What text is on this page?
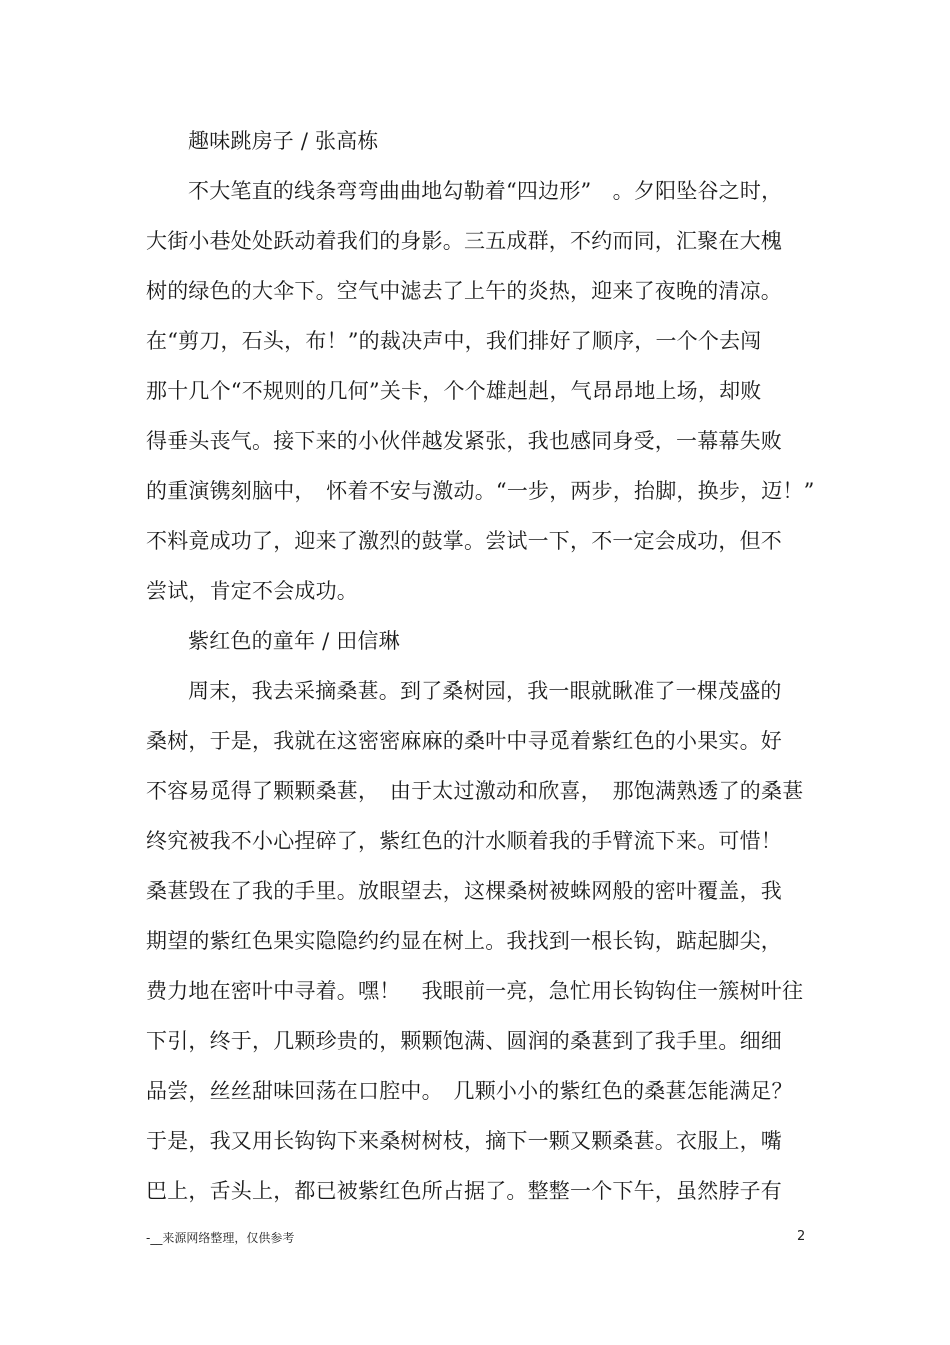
趣味跳房子 / 张高栋
不大笔直的线条弯弯曲曲地勾勒着“四边形”　。夕阳坠谷之时，
大街小巷处处跃动着我们的身影。三五成群，不约而同，汇聚在大槐
树的绿色的大伞下。空气中滤去了上午的炎热，迎来了夜晚的清凉。
在“剪刀，石头，布！”的裁决声中，我们排好了顺序，一个个去闯
那十几个“不规则的几何”关卡，个个雄赳赳，气昂昂地上场，却败
得垂头丧气。接下来的小伙伴越发紧张，我也感同身受，一幕幕失败
的重演镌刻脑中，　怀着不安与激动。“一步，两步，抬脚，换步，迈！”
不料竟成功了，迎来了激烈的鼓掌。尝试一下，不一定会成功，但不
尝试，肯定不会成功。
紫红色的童年 / 田信琳
周末，我去采摘桑葚。到了桑树园，我一眼就瞅准了一棵茂盛的
桑树，于是，我就在这密密麻麻的桑叶中寻觅着紫红色的小果实。好
不容易觅得了颗颗桑葚，　由于太过激动和欣喜，　那饱满熟透了的桑葚
终究被我不小心捏碎了，紫红色的汁水顺着我的手臂流下来。可惜！
桑葚毁在了我的手里。放眼望去，这棵桑树被蛛网般的密叶覆盖，我
期望的紫红色果实隐隐约约显在树上。我找到一根长钩，踮起脚尖，
费力地在密叶中寻着。嘿！　我眼前一亮，急忙用长钩钩住一簇树叶往
下引，终于，几颗珍贵的，颗颗饱满、圆润的桑葚到了我手里。细细
品尝，丝丝甜味回荡在口腔中。　几颗小小的紫红色的桑葚怎能满足？
于是，我又用长钩钩下来桑树树枝，摘下一颗又颗桑葚。衣服上，嘴
巴上，舌头上，都已被紫红色所占据了。整整一个下午，虽然脖子有
-__来源网络整理，仅供参考	2
